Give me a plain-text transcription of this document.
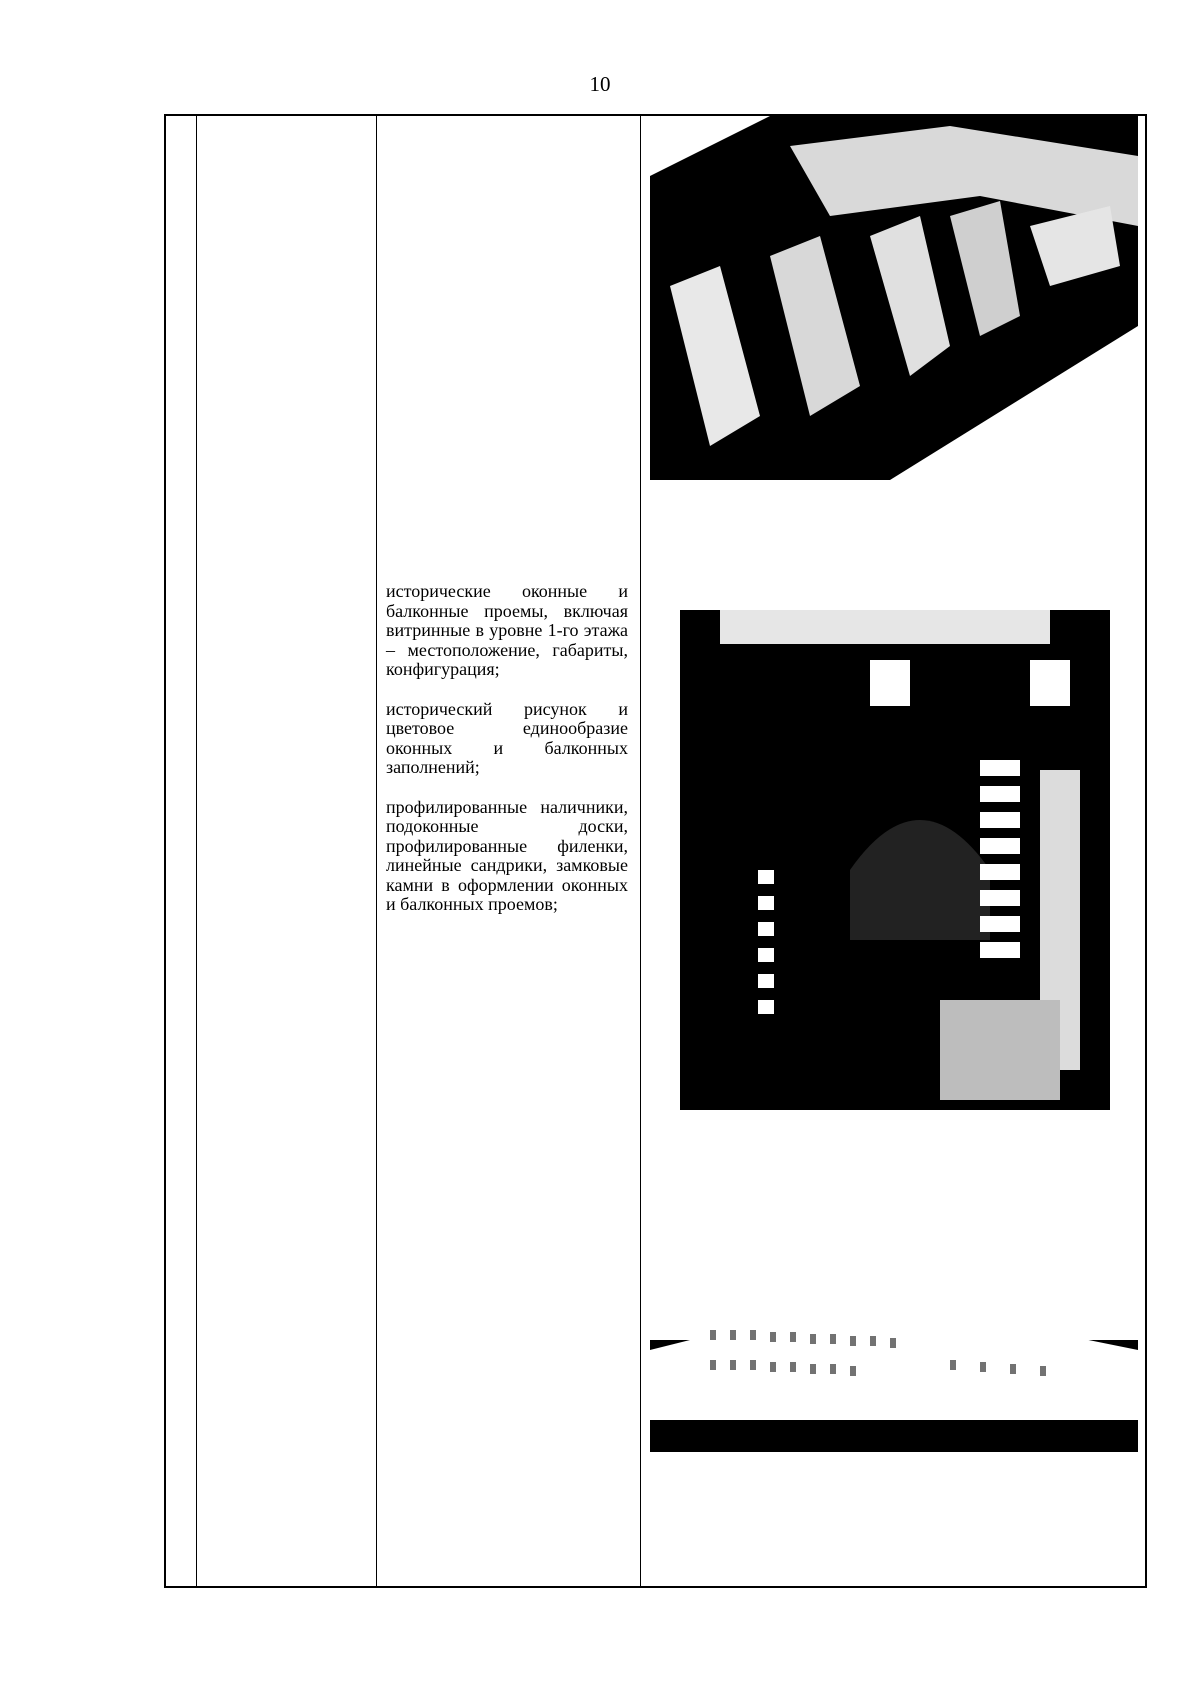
10

исторические оконные и балконные проемы, включая витринные в уровне 1-го этажа – местоположение, габариты, конфигурация;

исторический рисунок и цветовое единообразие оконных и балконных заполнений;

профилированные наличники, подоконные доски, профилированные филенки, линейные сандрики, замковые камни в оформлении оконных и балконных проемов;
